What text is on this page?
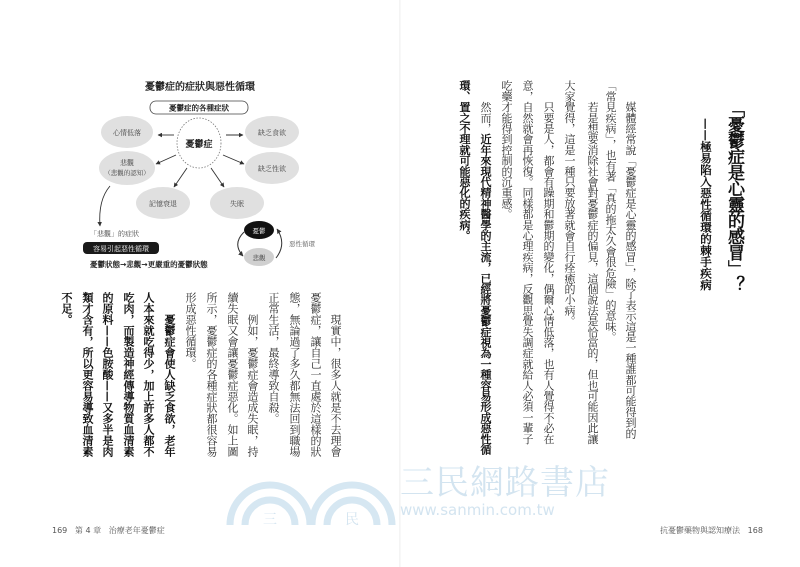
三	民
三民網路書店
www.sanmin.com.tw
憂鬱症的症狀與惡性循環
憂鬱症的各種症狀
憂鬱症
心情低落
悲觀
（悲觀的認知）
記憶衰退	失眠
缺乏食欲
缺乏性欲
「悲觀」的症狀
容易引起惡性循環
憂鬱狀態→悲觀→更嚴重的憂鬱狀態
憂鬱
悲觀
惡性循環
　　現實中，很多人就是不去理會
憂鬱症，讓自己一直處於這樣的狀
態，無論過了多久都無法回到職場
正常生活，最終導致自殺。
　　例如，憂鬱症會造成失眠，持
續失眠又會讓憂鬱症惡化。如上圖
所示，憂鬱症的各種症狀都很容易
形成惡性循環。
　　憂鬱症會使人缺乏食欲，老年
人本來就吃得少，加上許多人都不
吃肉，而製造神經傳導物質血清素
的原料——色胺酸——又多半是肉
類才含有，所以更容易導致血清素
不足。
「憂鬱症是心靈的感冒」？
——極易陷入惡性循環的棘手疾病
　　媒體經常說「憂鬱症是心靈的感冒」，除了表示這是一種誰都可能得到的
「常見疾病」，也有著「真的拖太久會很危險」的意味。
　　若是想要消除社會對憂鬱症的偏見，這個說法是恰當的，但也可能因此讓
大家覺得，這是一種只要放著就會自行痊癒的小病。
　　只要是人，都會有躁期和鬱期的變化，偶爾心情低落，也有人覺得不必在
意，自然就會再恢復。同樣都是心理疾病，反觀思覺失調症就給人必須一輩子
吃藥才能得到控制的沉重感。
　　然而，近年來現代精神醫學的主流，已經將憂鬱症視為一種容易形成惡性循
環、置之不理就可能惡化的疾病。
169 第 4 章 治療老年憂鬱症	抗憂鬱藥物與認知療法 168
